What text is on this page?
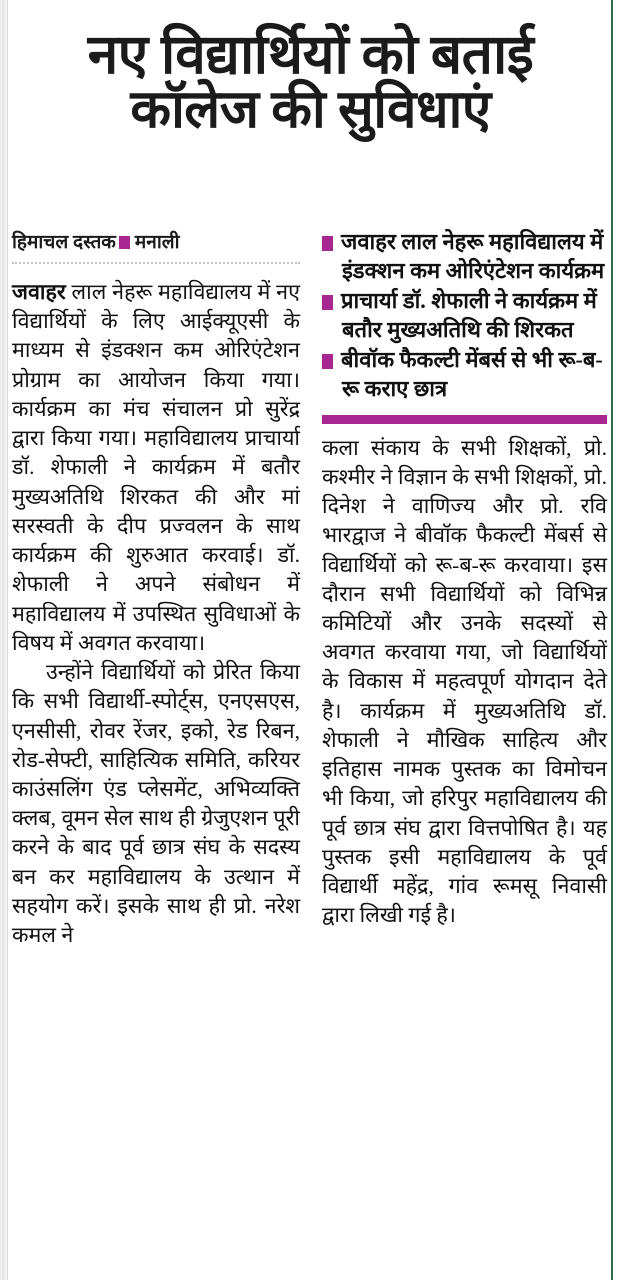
नए विद्यार्थियों को बताई
कॉलेज की सुविधाएं
हिमाचल दस्तक मनाली

जवाहर लाल नेहरू महाविद्यालय में नए विद्यार्थियों के लिए आईक्यूएसी के माध्यम से इंडक्शन कम ओरिएंटेशन प्रोग्राम का आयोजन किया गया। कार्यक्रम का मंच संचालन प्रो सुरेंद्र द्वारा किया गया। महाविद्यालय प्राचार्या डॉ. शेफाली ने कार्यक्रम में बतौर मुख्यअतिथि शिरकत की और मां सरस्वती के दीप प्रज्वलन के साथ कार्यक्रम की शुरुआत करवाई। डॉ. शेफाली ने अपने संबोधन में महाविद्यालय में उपस्थित सुविधाओं के विषय में अवगत करवाया।

उन्होंने विद्यार्थियों को प्रेरित किया कि सभी विद्यार्थी-स्पोर्ट्स, एनएसएस, एनसीसी, रोवर रेंजर, इको, रेड रिबन, रोड-सेफ्टी, साहित्यिक समिति, करियर काउंसलिंग एंड प्लेसमेंट, अभिव्यक्ति क्लब, वूमन सेल साथ ही ग्रेजुएशन पूरी करने के बाद पूर्व छात्र संघ के सदस्य बन कर महाविद्यालय के उत्थान में सहयोग करें। इसके साथ ही प्रो. नरेश कमल ने

जवाहर लाल नेहरू महाविद्यालय में इंडक्शन कम ओरिएंटेशन कार्यक्रम
प्राचार्या डॉ. शेफाली ने कार्यक्रम में बतौर मुख्यअतिथि की शिरकत
बीवॉक फैकल्टी मेंबर्स से भी रू-ब-रू कराए छात्र

कला संकाय के सभी शिक्षकों, प्रो. कश्मीर ने विज्ञान के सभी शिक्षकों, प्रो. दिनेश ने वाणिज्य और प्रो. रवि भारद्वाज ने बीवॉक फैकल्टी मेंबर्स से विद्यार्थियों को रू-ब-रू करवाया। इस दौरान सभी विद्यार्थियों को विभिन्न कमिटियों और उनके सदस्यों से अवगत करवाया गया, जो विद्यार्थियों के विकास में महत्वपूर्ण योगदान देते है। कार्यक्रम में मुख्यअतिथि डॉ. शेफाली ने मौखिक साहित्य और इतिहास नामक पुस्तक का विमोचन भी किया, जो हरिपुर महाविद्यालय की पूर्व छात्र संघ द्वारा वित्तपोषित है। यह पुस्तक इसी महाविद्यालय के पूर्व विद्यार्थी महेंद्र, गांव रूमसू निवासी द्वारा लिखी गई है।
